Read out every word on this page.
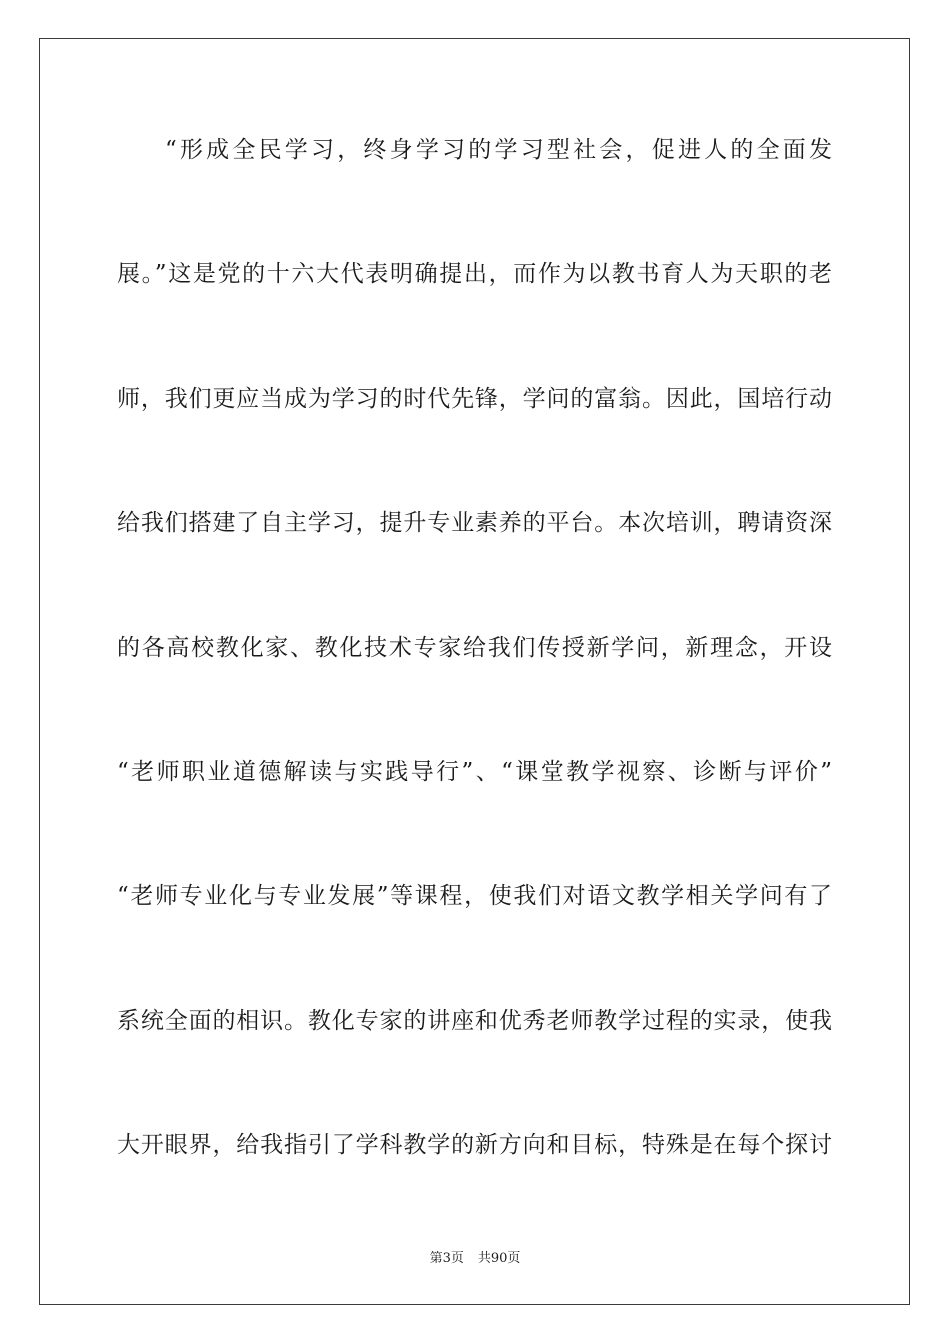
“形成全民学习，终身学习的学习型社会，促进人的全面发
展。”这是党的十六大代表明确提出，而作为以教书育人为天职的老
师，我们更应当成为学习的时代先锋，学问的富翁。因此，国培行动
给我们搭建了自主学习，提升专业素养的平台。本次培训，聘请资深
的各高校教化家、教化技术专家给我们传授新学问，新理念，开设
“老师职业道德解读与实践导行”、“课堂教学视察、诊断与评价”
“老师专业化与专业发展”等课程，使我们对语文教学相关学问有了
系统全面的相识。教化专家的讲座和优秀老师教学过程的实录，使我
大开眼界，给我指引了学科教学的新方向和目标，特殊是在每个探讨
第3页 共90页
